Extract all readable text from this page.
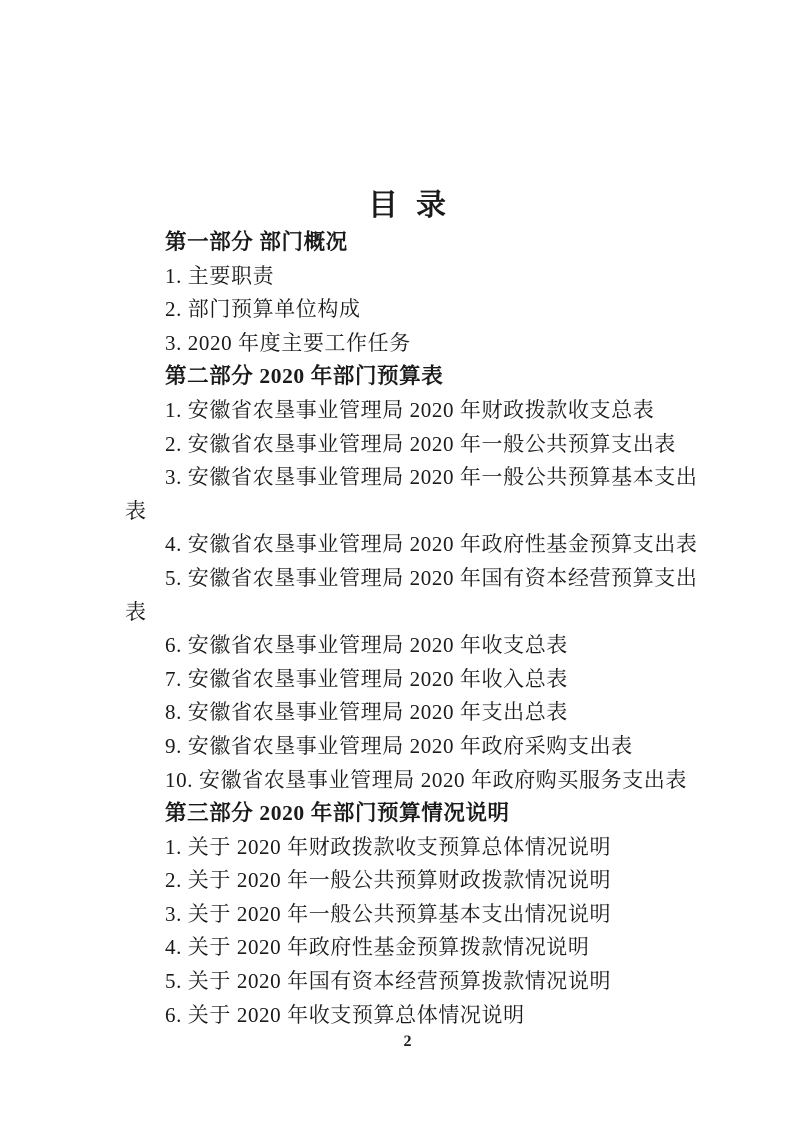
目  录
第一部分 部门概况
1. 主要职责
2. 部门预算单位构成
3. 2020 年度主要工作任务
第二部分 2020 年部门预算表
1. 安徽省农垦事业管理局 2020 年财政拨款收支总表
2. 安徽省农垦事业管理局 2020 年一般公共预算支出表
3. 安徽省农垦事业管理局 2020 年一般公共预算基本支出
表
4. 安徽省农垦事业管理局 2020 年政府性基金预算支出表
5. 安徽省农垦事业管理局 2020 年国有资本经营预算支出
表
6. 安徽省农垦事业管理局 2020 年收支总表
7. 安徽省农垦事业管理局 2020 年收入总表
8. 安徽省农垦事业管理局 2020 年支出总表
9. 安徽省农垦事业管理局 2020 年政府采购支出表
10. 安徽省农垦事业管理局 2020 年政府购买服务支出表
第三部分 2020 年部门预算情况说明
1. 关于 2020 年财政拨款收支预算总体情况说明
2. 关于 2020 年一般公共预算财政拨款情况说明
3. 关于 2020 年一般公共预算基本支出情况说明
4. 关于 2020 年政府性基金预算拨款情况说明
5. 关于 2020 年国有资本经营预算拨款情况说明
6. 关于 2020 年收支预算总体情况说明
2
